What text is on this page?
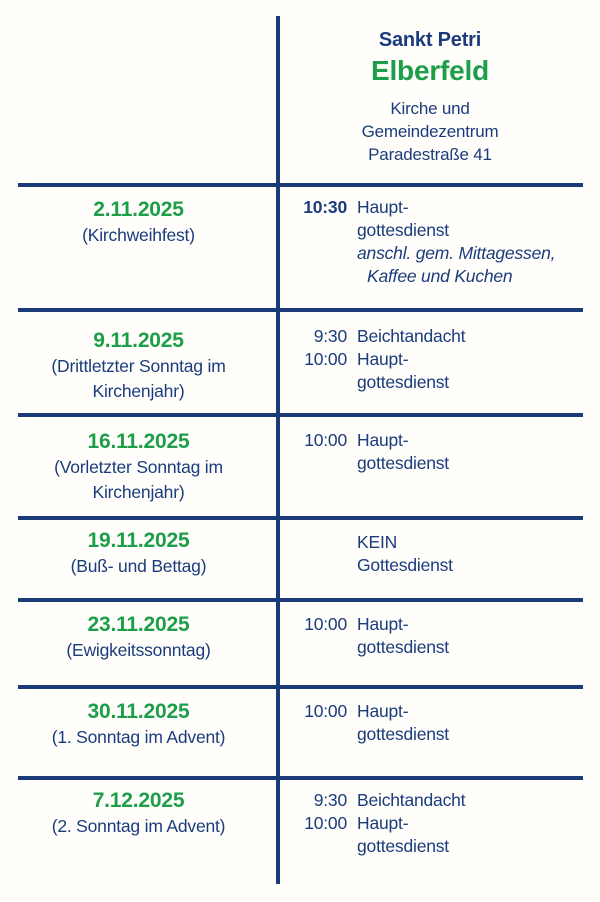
Sankt Petri
Elberfeld
Kirche und
Gemeindezentrum
Paradestraße 41
2.11.2025
(Kirchweihfest)
10:30 Haupt-
gottesdienst
anschl. gem. Mittagessen,
Kaffee und Kuchen
9.11.2025
(Drittletzter Sonntag im
Kirchenjahr)
9:30 Beichtandacht
10:00 Haupt-
gottesdienst
16.11.2025
(Vorletzter Sonntag im
Kirchenjahr)
10:00 Haupt-
gottesdienst
19.11.2025
(Buß- und Bettag)
KEIN
Gottesdienst
23.11.2025
(Ewigkeitssonntag)
10:00 Haupt-
gottesdienst
30.11.2025
(1. Sonntag im Advent)
10:00 Haupt-
gottesdienst
7.12.2025
(2. Sonntag im Advent)
9:30 Beichtandacht
10:00 Haupt-
gottesdienst
